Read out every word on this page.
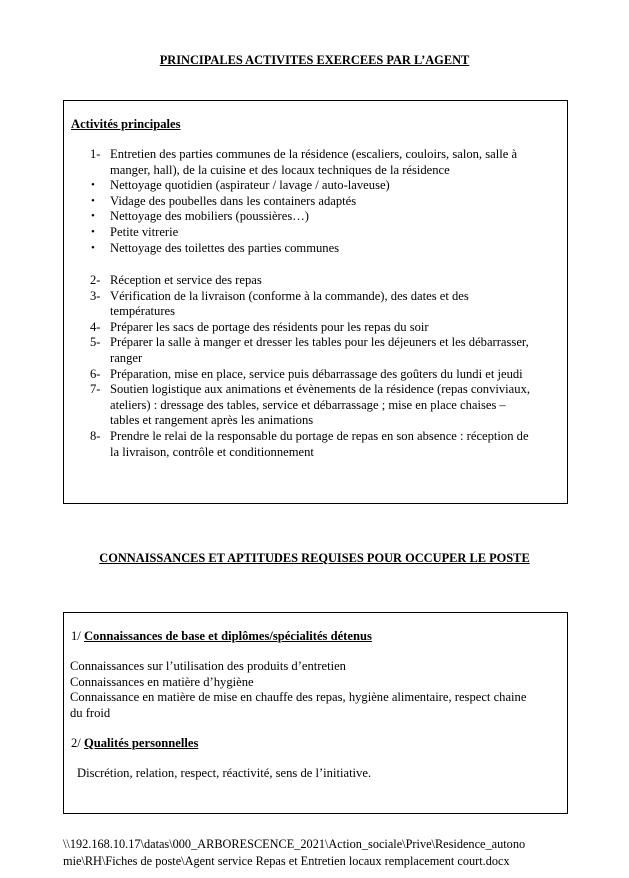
PRINCIPALES ACTIVITES EXERCEES PAR L’AGENT
Activités principales
1- Entretien des parties communes de la résidence (escaliers, couloirs, salon, salle à
manger, hall), de la cuisine et des locaux techniques de la résidence
• Nettoyage quotidien (aspirateur / lavage / auto-laveuse)
• Vidage des poubelles dans les containers adaptés
• Nettoyage des mobiliers (poussières…)
• Petite vitrerie
• Nettoyage des toilettes des parties communes
2- Réception et service des repas
3- Vérification de la livraison (conforme à la commande), des dates et des
températures
4- Préparer les sacs de portage des résidents pour les repas du soir
5- Préparer la salle à manger et dresser les tables pour les déjeuners et les débarrasser,
ranger
6- Préparation, mise en place, service puis débarrassage des goûters du lundi et jeudi
7- Soutien logistique aux animations et évènements de la résidence (repas conviviaux,
ateliers) : dressage des tables, service et débarrassage ; mise en place chaises –
tables et rangement après les animations
8- Prendre le relai de la responsable du portage de repas en son absence : réception de
la livraison, contrôle et conditionnement
CONNAISSANCES ET APTITUDES REQUISES POUR OCCUPER LE POSTE
1/ Connaissances de base et diplômes/spécialités détenus
Connaissances sur l’utilisation des produits d’entretien
Connaissances en matière d’hygiène
Connaissance en matière de mise en chauffe des repas, hygiène alimentaire, respect chaine
du froid
2/ Qualités personnelles
Discrétion, relation, respect, réactivité, sens de l’initiative.
\\192.168.10.17\datas\000_ARBORESCENCE_2021\Action_sociale\Prive\Residence_autono
mie\RH\Fiches de poste\Agent service Repas et Entretien locaux remplacement court.docx
